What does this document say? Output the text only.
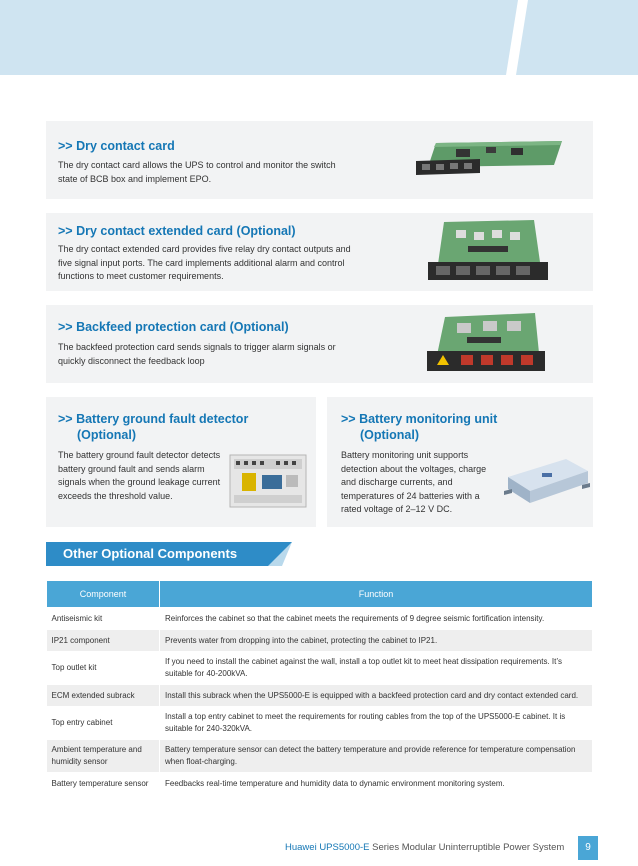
>> Dry contact card
The dry contact card allows the UPS to control and monitor the switch state of BCB box and implement EPO.
>> Dry contact extended card (Optional)
The dry contact extended card provides five relay dry contact outputs and five signal input ports. The card implements additional alarm and control functions to meet customer requirements.
>> Backfeed protection card (Optional)
The backfeed protection card sends signals to trigger alarm signals or quickly disconnect the feedback loop
>> Battery ground fault detector
(Optional)
The battery ground fault detector detects battery ground fault and sends alarm signals when the ground leakage current exceeds the threshold value.
>> Battery monitoring unit
(Optional)
Battery monitoring unit supports detection about the voltages, charge and discharge currents, and temperatures of 24 batteries with a rated voltage of 2–12 V DC.
Other Optional Components
Component	Function
Antiseismic kit	Reinforces the cabinet so that the cabinet meets the requirements of 9 degree seismic fortification intensity.
IP21 component	Prevents water from dropping into the cabinet, protecting the cabinet to IP21.
Top outlet kit	If you need to install the cabinet against the wall, install a top outlet kit to meet heat dissipation requirements. It’s suitable for 40-200kVA.
ECM extended subrack	Install this subrack when the UPS5000-E is equipped with a backfeed protection card and dry contact extended card.
Top entry cabinet	Install a top entry cabinet to meet the requirements for routing cables from the top of the UPS5000-E cabinet. It is suitable for 240-320kVA.
Ambient temperature and humidity sensor	Battery temperature sensor can detect the battery temperature and provide reference for temperature compensation when float-charging.
Battery temperature sensor	Feedbacks real-time temperature and humidity data to dynamic environment monitoring system.
Huawei UPS5000-E Series Modular Uninterruptible Power System	9
